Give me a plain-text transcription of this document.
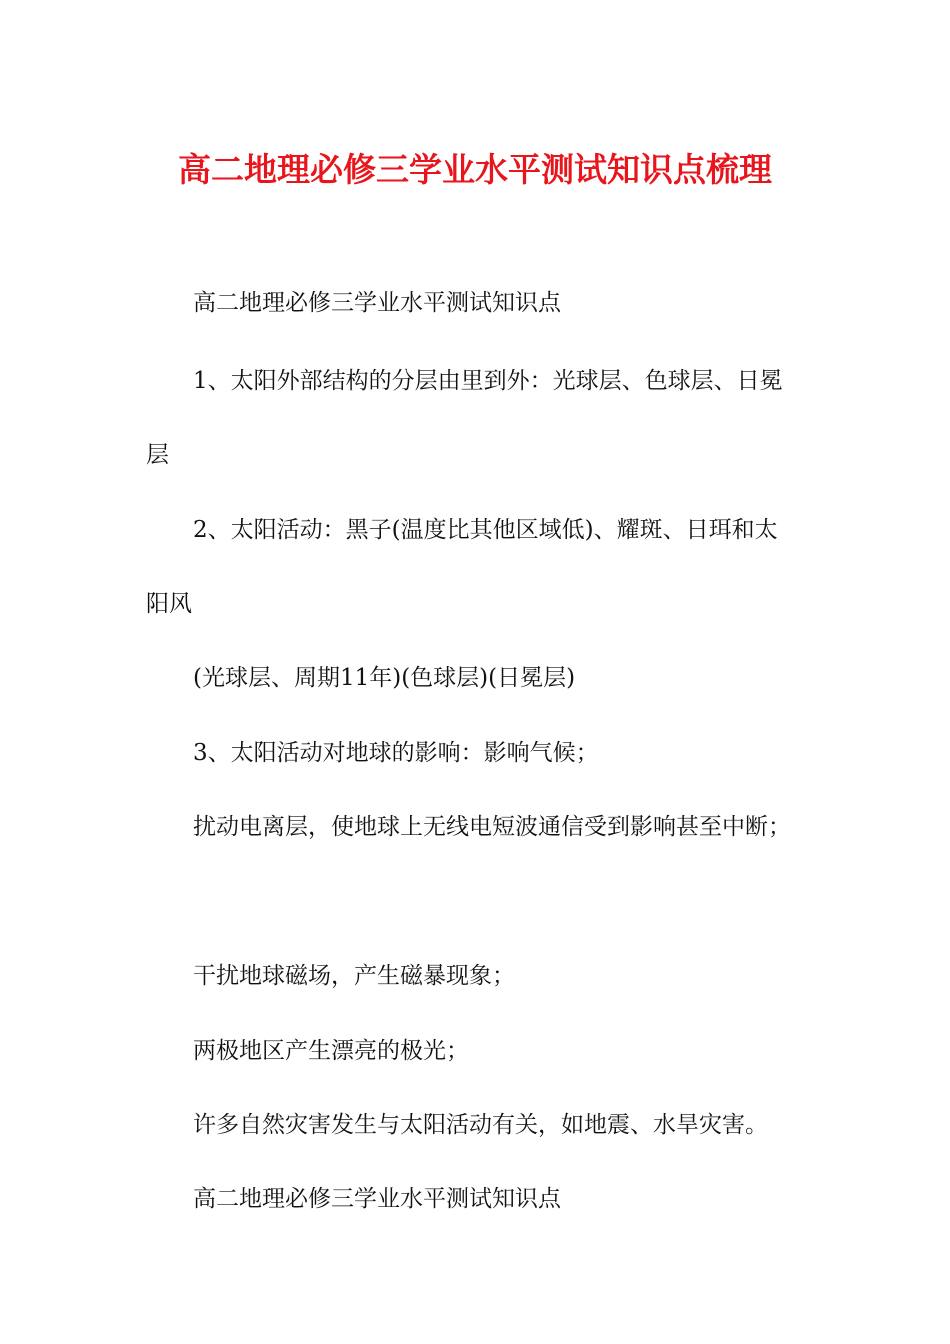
高二地理必修三学业水平测试知识点梳理

高二地理必修三学业水平测试知识点

1、太阳外部结构的分层由里到外：光球层、色球层、日冕

层

2、太阳活动：黑子(温度比其他区域低)、耀斑、日珥和太

阳风

(光球层、周期11年)(色球层)(日冕层)

3、太阳活动对地球的影响：影响气候；

扰动电离层，使地球上无线电短波通信受到影响甚至中断；

干扰地球磁场，产生磁暴现象；

两极地区产生漂亮的极光；

许多自然灾害发生与太阳活动有关，如地震、水旱灾害。

高二地理必修三学业水平测试知识点
